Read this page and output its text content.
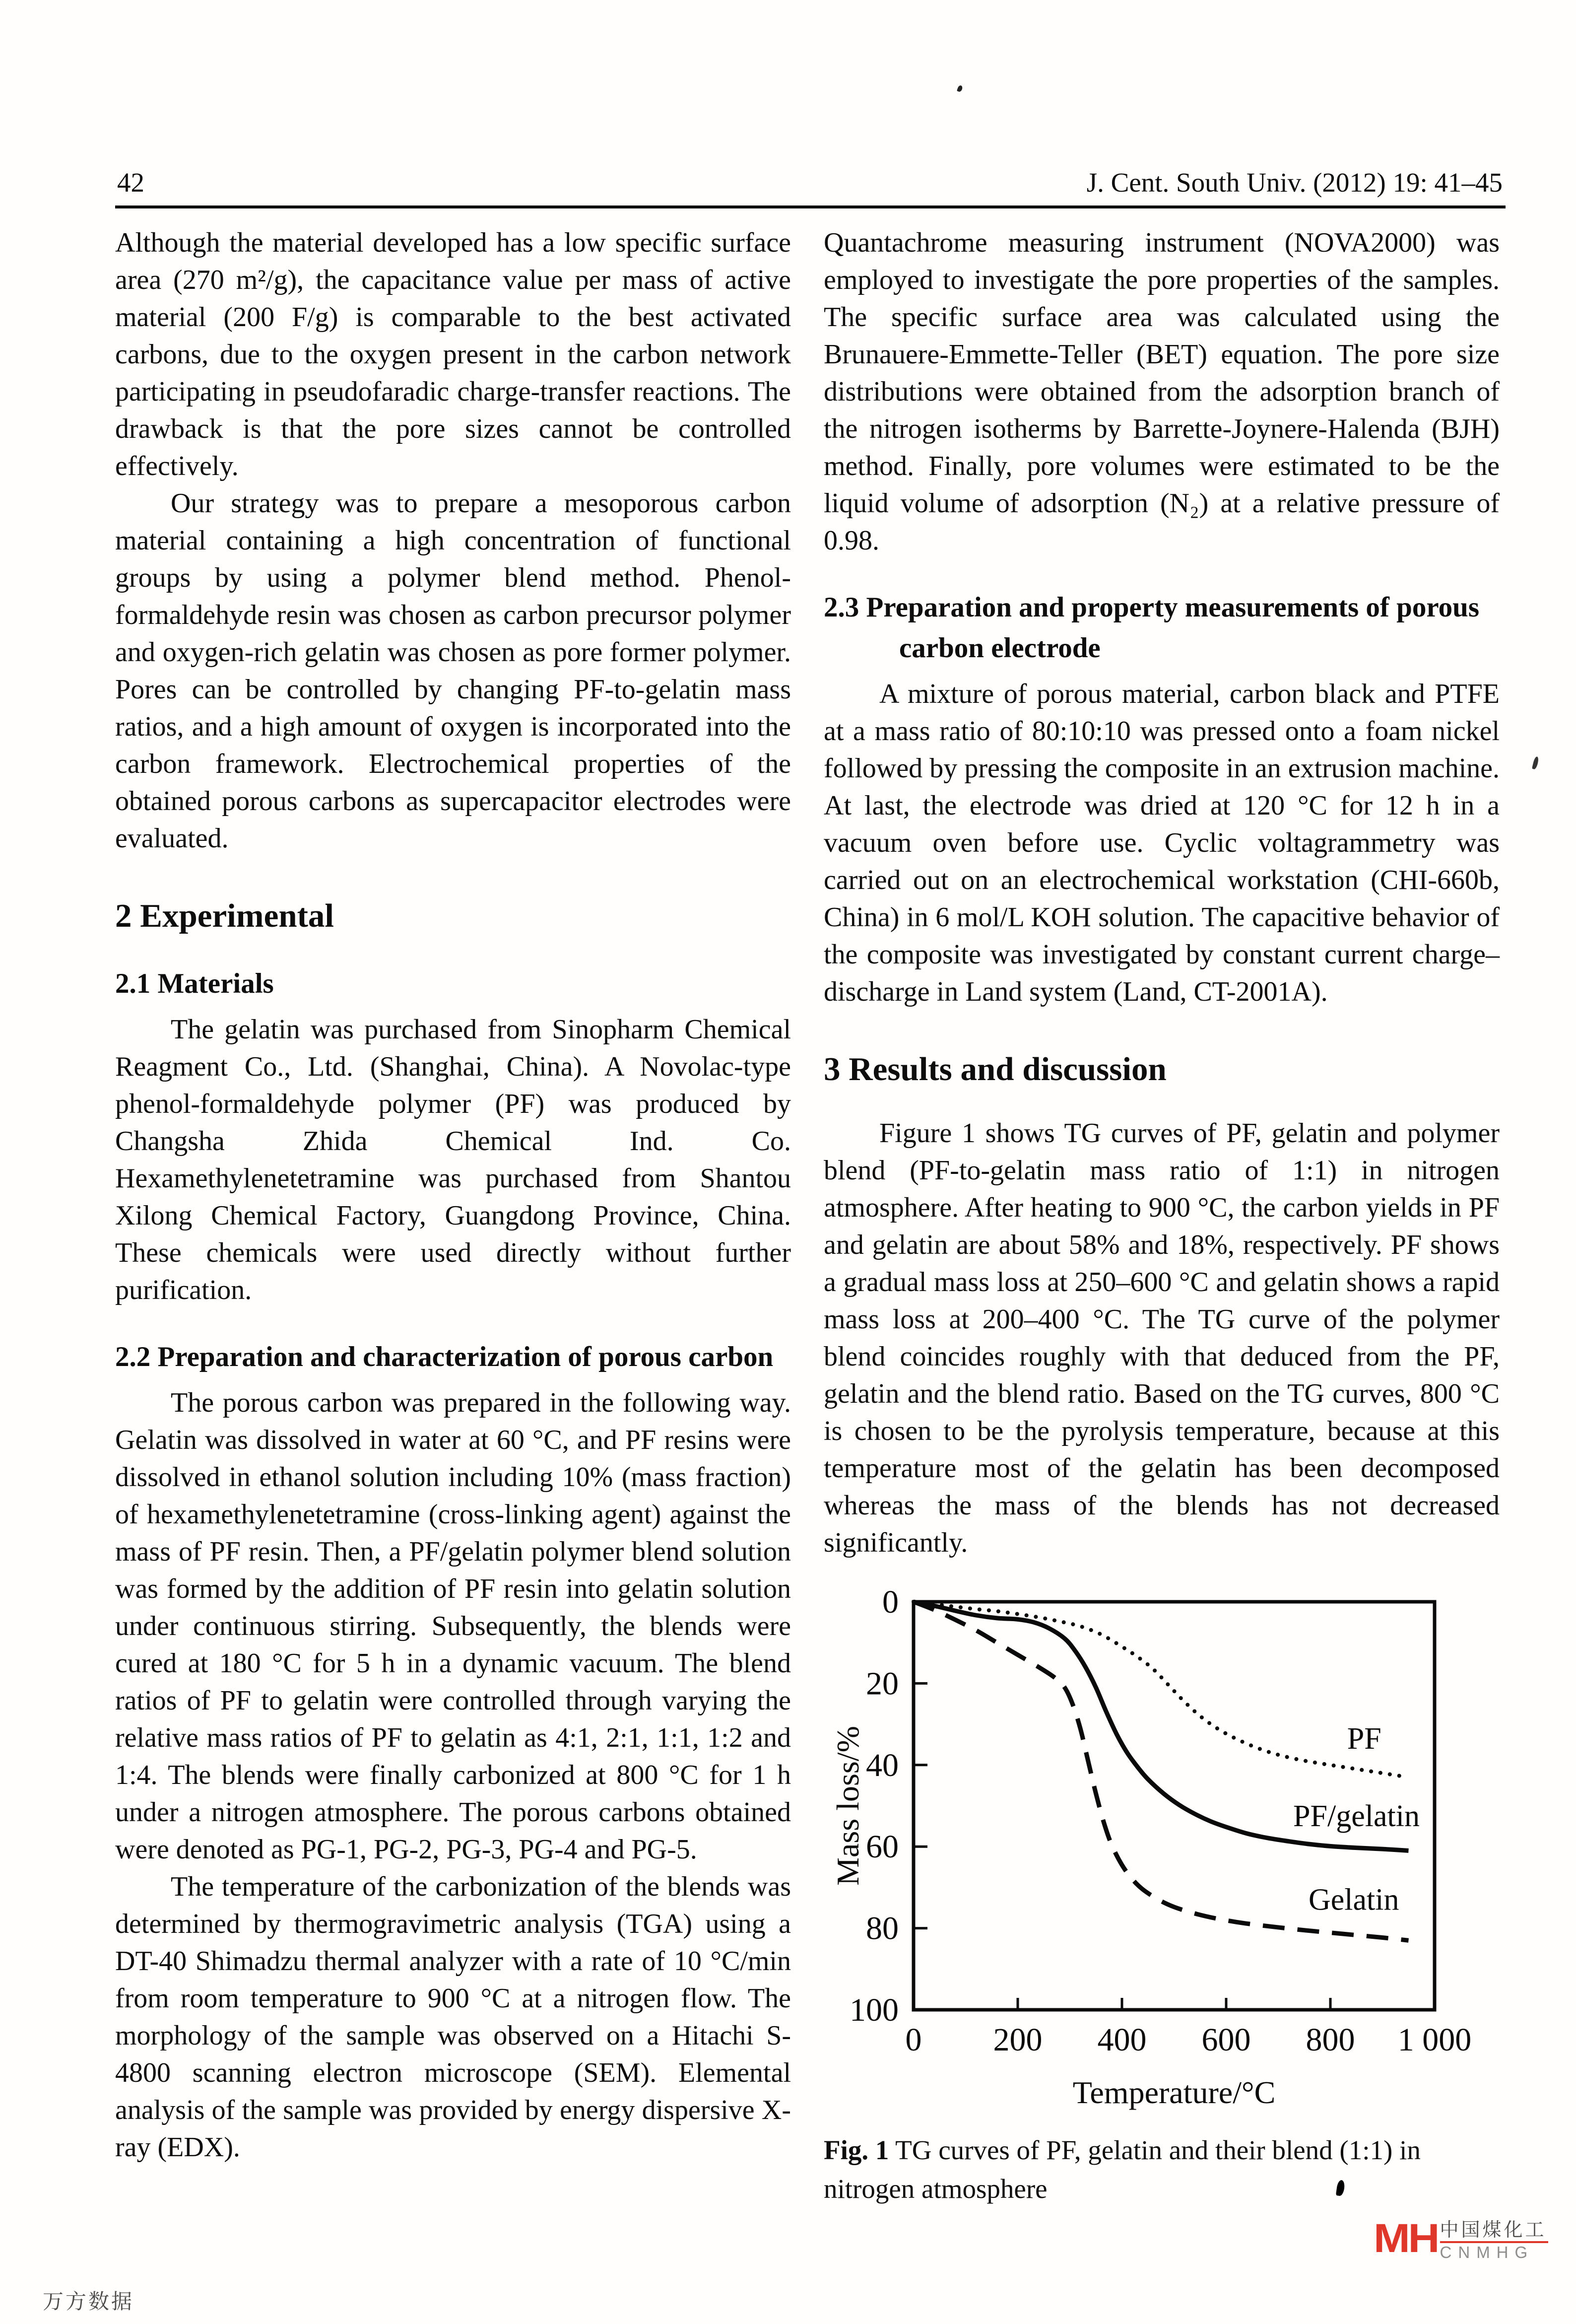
42	J. Cent. South Univ. (2012) 19: 41–45

Although the material developed has a low specific surface area (270 m²/g), the capacitance value per mass of active material (200 F/g) is comparable to the best activated carbons, due to the oxygen present in the carbon network participating in pseudofaradic charge-transfer reactions. The drawback is that the pore sizes cannot be controlled effectively.

Our strategy was to prepare a mesoporous carbon material containing a high concentration of functional groups by using a polymer blend method. Phenol-formaldehyde resin was chosen as carbon precursor polymer and oxygen-rich gelatin was chosen as pore former polymer. Pores can be controlled by changing PF-to-gelatin mass ratios, and a high amount of oxygen is incorporated into the carbon framework. Electrochemical properties of the obtained porous carbons as supercapacitor electrodes were evaluated.

2 Experimental
2.1 Materials

The gelatin was purchased from Sinopharm Chemical Reagment Co., Ltd. (Shanghai, China). A Novolac-type phenol-formaldehyde polymer (PF) was produced by Changsha Zhida Chemical Ind. Co. Hexamethylenetetramine was purchased from Shantou Xilong Chemical Factory, Guangdong Province, China. These chemicals were used directly without further purification.

2.2 Preparation and characterization of porous carbon

The porous carbon was prepared in the following way. Gelatin was dissolved in water at 60 °C, and PF resins were dissolved in ethanol solution including 10% (mass fraction) of hexamethylenetetramine (cross-linking agent) against the mass of PF resin. Then, a PF/gelatin polymer blend solution was formed by the addition of PF resin into gelatin solution under continuous stirring. Subsequently, the blends were cured at 180 °C for 5 h in a dynamic vacuum. The blend ratios of PF to gelatin were controlled through varying the relative mass ratios of PF to gelatin as 4:1, 2:1, 1:1, 1:2 and 1:4. The blends were finally carbonized at 800 °C for 1 h under a nitrogen atmosphere. The porous carbons obtained were denoted as PG-1, PG-2, PG-3, PG-4 and PG-5.

The temperature of the carbonization of the blends was determined by thermogravimetric analysis (TGA) using a DT-40 Shimadzu thermal analyzer with a rate of 10 °C/min from room temperature to 900 °C at a nitrogen flow. The morphology of the sample was observed on a Hitachi S-4800 scanning electron microscope (SEM). Elemental analysis of the sample was provided by energy dispersive X-ray (EDX).

Quantachrome measuring instrument (NOVA2000) was employed to investigate the pore properties of the samples. The specific surface area was calculated using the Brunauere-Emmette-Teller (BET) equation. The pore size distributions were obtained from the adsorption branch of the nitrogen isotherms by Barrette-Joynere-Halenda (BJH) method. Finally, pore volumes were estimated to be the liquid volume of adsorption (N₂) at a relative pressure of 0.98.

2.3 Preparation and property measurements of porous carbon electrode

A mixture of porous material, carbon black and PTFE at a mass ratio of 80:10:10 was pressed onto a foam nickel followed by pressing the composite in an extrusion machine. At last, the electrode was dried at 120 °C for 12 h in a vacuum oven before use. Cyclic voltagrammetry was carried out on an electrochemical workstation (CHI-660b, China) in 6 mol/L KOH solution. The capacitive behavior of the composite was investigated by constant current charge–discharge in Land system (Land, CT-2001A).

3 Results and discussion

Figure 1 shows TG curves of PF, gelatin and polymer blend (PF-to-gelatin mass ratio of 1:1) in nitrogen atmosphere. After heating to 900 °C, the carbon yields in PF and gelatin are about 58% and 18%, respectively. PF shows a gradual mass loss at 250–600 °C and gelatin shows a rapid mass loss at 200–400 °C. The TG curve of the polymer blend coincides roughly with that deduced from the PF, gelatin and the blend ratio. Based on the TG curves, 800 °C is chosen to be the pyrolysis temperature, because at this temperature most of the gelatin has been decomposed whereas the mass of the blends has not decreased significantly.

0 200 400 600 800 1 000
0
20
40
60
80
100
PF
PF/gelatin
Gelatin
Temperature/°C
Mass loss/%
Fig. 1 TG curves of PF, gelatin and their blend (1:1) in nitrogen atmosphere
万方数据
MH 中国煤化工
CNMHG
